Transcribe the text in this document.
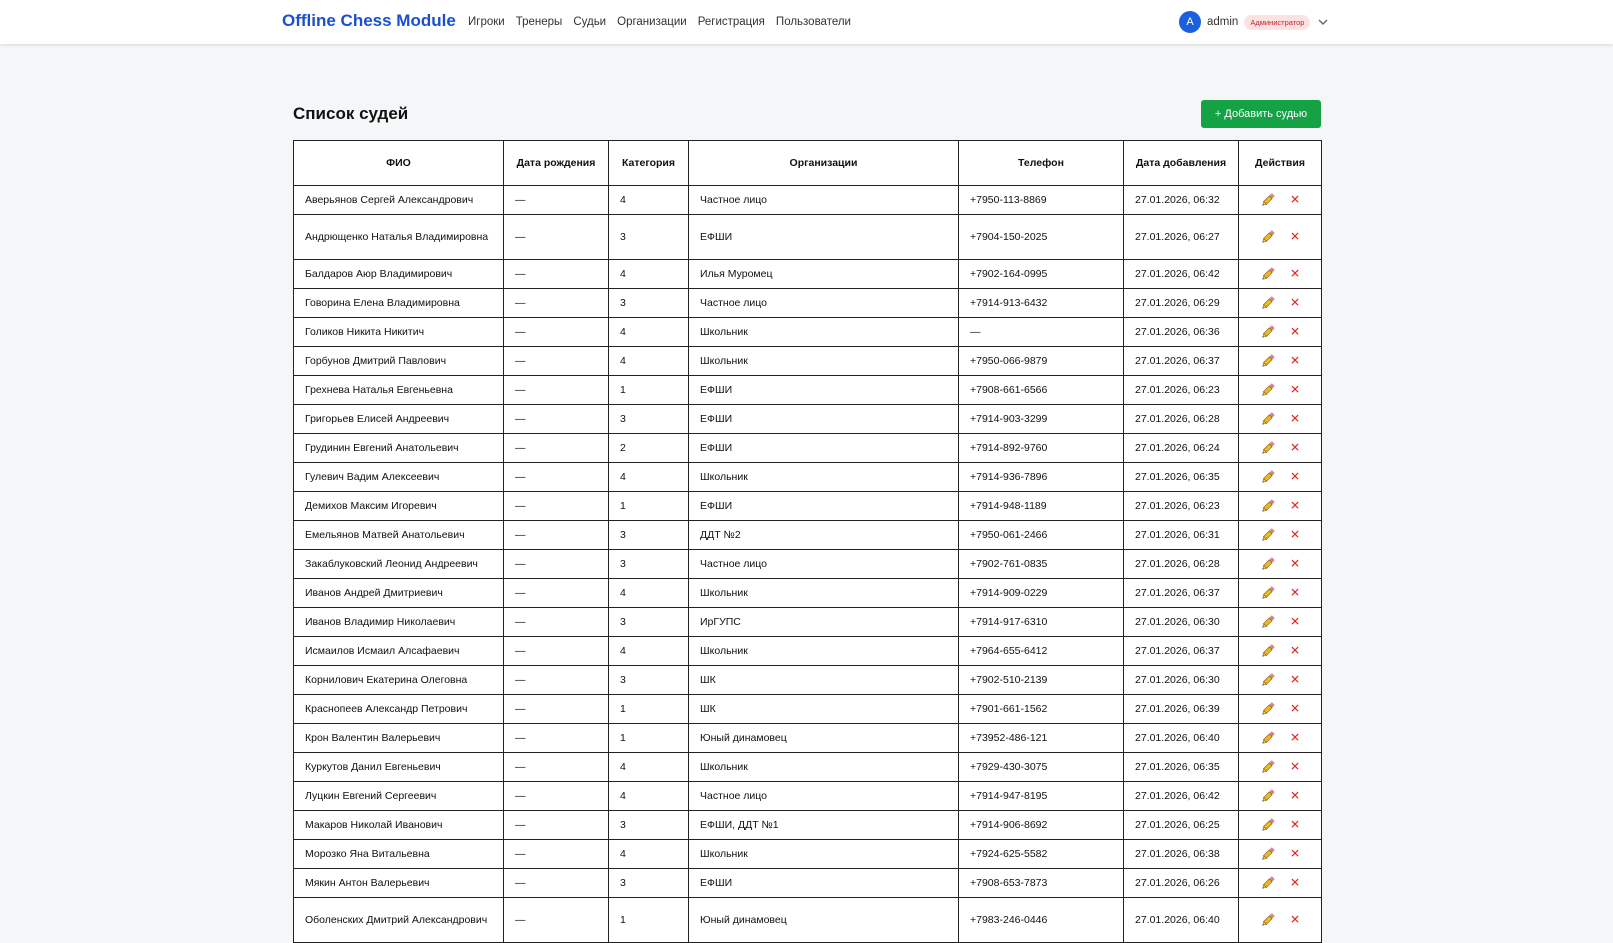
Offline Chess Module Игроки Тренеры Судьи Организации Регистрация Пользователи	A	admin	Администратор
Список судей	+ Добавить судью
ФИО	Дата рождения	Категория	Организации	Телефон	Дата добавления	Действия
Аверьянов Сергей Александрович	—	4	Частное лицо	+7950-113-8869	27.01.2026, 06:32	✕
Андрющенко Наталья Владимировна	—	3	ЕФШИ	+7904-150-2025	27.01.2026, 06:27	✕
Балдаров Аюр Владимирович	—	4	Илья Муромец	+7902-164-0995	27.01.2026, 06:42	✕
Говорина Елена Владимировна	—	3	Частное лицо	+7914-913-6432	27.01.2026, 06:29	✕
Голиков Никита Никитич	—	4	Школьник	—	27.01.2026, 06:36	✕
Горбунов Дмитрий Павлович	—	4	Школьник	+7950-066-9879	27.01.2026, 06:37	✕
Грехнева Наталья Евгеньевна	—	1	ЕФШИ	+7908-661-6566	27.01.2026, 06:23	✕
Григорьев Елисей Андреевич	—	3	ЕФШИ	+7914-903-3299	27.01.2026, 06:28	✕
Грудинин Евгений Анатольевич	—	2	ЕФШИ	+7914-892-9760	27.01.2026, 06:24	✕
Гулевич Вадим Алексеевич	—	4	Школьник	+7914-936-7896	27.01.2026, 06:35	✕
Демихов Максим Игоревич	—	1	ЕФШИ	+7914-948-1189	27.01.2026, 06:23	✕
Емельянов Матвей Анатольевич	—	3	ДДТ №2	+7950-061-2466	27.01.2026, 06:31	✕
Закаблуковский Леонид Андреевич	—	3	Частное лицо	+7902-761-0835	27.01.2026, 06:28	✕
Иванов Андрей Дмитриевич	—	4	Школьник	+7914-909-0229	27.01.2026, 06:37	✕
Иванов Владимир Николаевич	—	3	ИрГУПС	+7914-917-6310	27.01.2026, 06:30	✕
Исмаилов Исмаил Алсафаевич	—	4	Школьник	+7964-655-6412	27.01.2026, 06:37	✕
Корнилович Екатерина Олеговна	—	3	ШК	+7902-510-2139	27.01.2026, 06:30	✕
Краснопеев Александр Петрович	—	1	ШК	+7901-661-1562	27.01.2026, 06:39	✕
Крон Валентин Валерьевич	—	1	Юный динамовец	+73952-486-121	27.01.2026, 06:40	✕
Куркутов Данил Евгеньевич	—	4	Школьник	+7929-430-3075	27.01.2026, 06:35	✕
Луцкин Евгений Сергеевич	—	4	Частное лицо	+7914-947-8195	27.01.2026, 06:42	✕
Макаров Николай Иванович	—	3	ЕФШИ, ДДТ №1	+7914-906-8692	27.01.2026, 06:25	✕
Морозко Яна Витальевна	—	4	Школьник	+7924-625-5582	27.01.2026, 06:38	✕
Мякин Антон Валерьевич	—	3	ЕФШИ	+7908-653-7873	27.01.2026, 06:26	✕
Оболенских Дмитрий Александрович	—	1	Юный динамовец	+7983-246-0446	27.01.2026, 06:40	✕
